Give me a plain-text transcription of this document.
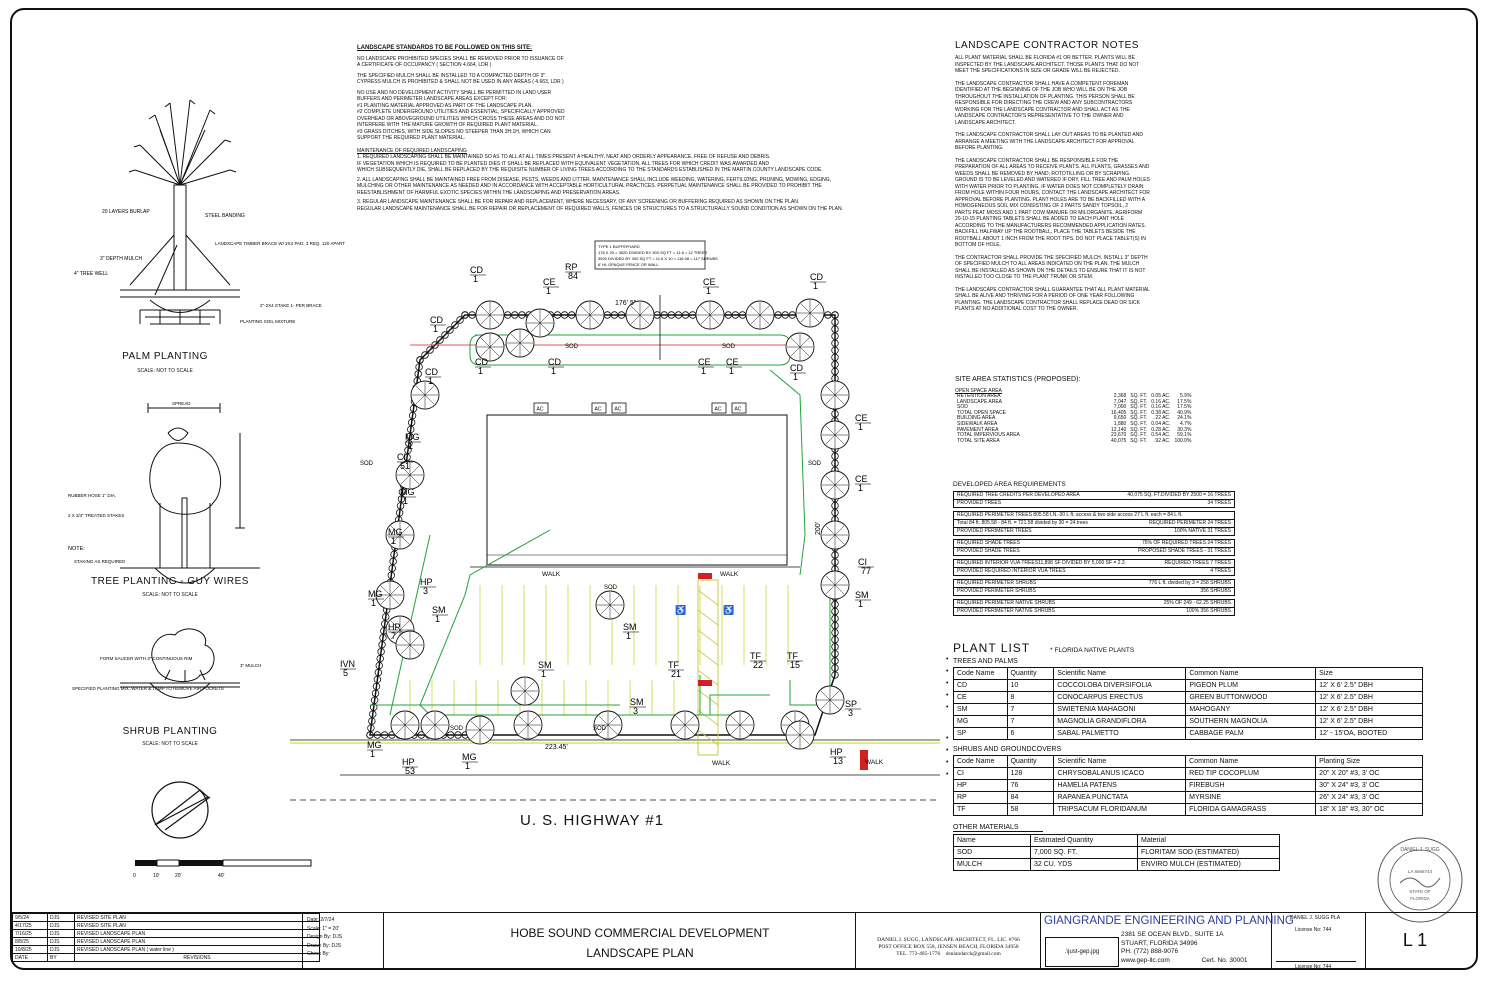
LANDSCAPE STANDARDS TO BE FOLLOWED ON THIS SITE:
NO LANDSCAPE PROHIBITED SPECIES SHALL BE REMOVED PRIOR TO ISSUANCE OF
A CERTIFICATE OF OCCUPANCY ( SECTION 4.664, LDR )
THE SPECIFIED MULCH SHALL BE INSTALLED TO A COMPACTED DEPTH OF 3".
CYPRESS MULCH IS PROHIBITED & SHALL NOT BE USED IN ANY AREAS ( 4.663, LDR )
NO USE AND NO DEVELOPMENT ACTIVITY SHALL BE PERMITTED IN LAND USER
BUFFERS AND PERIMETER LANDSCAPE AREAS EXCEPT FOR:
#1 PLANTING MATERIAL APPROVED AS PART OF THE LANDSCAPE PLAN.
#2 COMPLETE UNDERGROUND UTILITIES AND ESSENTIAL, SPECIFICALLY APPROVED
OVERHEAD OR ABOVEGROUND UTILITIES WHICH CROSS THESE AREAS AND DO NOT
INTERFERE WITH THE MATURE GROWTH OF REQUIRED PLANT MATERIAL.
#3 GRASS DITCHES, WITH SIDE SLOPES NO STEEPER THAN 3H:1H, WHICH CAN
SUPPORT THE REQUIRED PLANT MATERIAL.
MAINTENANCE OF REQUIRED LANDSCAPING
1. REQUIRED LANDSCAPING SHALL BE MAINTAINED SO AS TO ALL AT ALL TIMES PRESENT A HEALTHY, NEAT AND ORDERLY APPEARANCE, FREE OF REFUSE AND DEBRIS.
IF VEGETATION WHICH IS REQUIRED TO BE PLANTED DIES IT SHALL BE REPLACED WITH EQUIVALENT VEGETATION. ALL TREES FOR WHICH CREDIT WAS AWARDED AND
WHICH SUBSEQUENTLY DIE, SHALL BE REPLACED BY THE REQUISITE NUMBER OF LIVING TREES ACCORDING TO THE STANDARDS ESTABLISHED IN THE MARTIN COUNTY LANDSCAPE CODE.
2. ALL LANDSCAPING SHALL BE MAINTAINED FREE FROM DISEASE, PESTS, WEEDS AND LITTER. MAINTENANCE SHALL INCLUDE WEEDING, WATERING, FERTILIZING, PRUNING, MOWING, EDGING,
MULCHING OR OTHER MAINTENANCE AS NEEDED AND IN ACCORDANCE WITH ACCEPTABLE HORTICULTURAL PRACTICES. PERPETUAL MAINTENANCE SHALL BE PROVIDED TO PROHIBIT THE
REESTABLISHMENT OF HARMFUL EXOTIC SPECIES WITHIN THE LANDSCAPING AND PRESERVATION AREAS.
3. REGULAR LANDSCAPE MAINTENANCE SHALL BE FOR REPAIR AND REPLACEMENT, WHERE NECESSARY, OF ANY SCREENING OR BUFFERING REQUIRED AS SHOWN ON THE PLAN.
REGULAR LANDSCAPE MAINTENANCE SHALL BE FOR REPAIR OR REPLACEMENT OF REQUIRED WALLS, FENCES OR STRUCTURES TO A STRUCTURALLY SOUND CONDITION AS SHOWN ON THE PLAN.
20 LAYERS BURLAP
STEEL BANDING
LANDSCAPE TIMBER BRACE W/ 2X4 PAD, 3 REQ. 120 APART
3" DEPTH MULCH
4" TREE WELL
2"-2X4 STAKE 1- PER BRACE
PLANTING SOIL MIXTURE
SPREAD
RUBBER HOSE 1" DIA.
2 X 3/4" TREATED STAKES
NOTE:
STAKING AS REQUIRED
FORM SAUCER WITH 3" CONTINUOUS RIM
3" MULCH
SPECIFIED PLANTING MIX, WATER & TAMP TO REMOVE AIR POCKETS
0	10'	20'	40'
PALM PLANTING
SCALE: NOT TO SCALE
TREE PLANTING - GUY WIRES
SCALE: NOT TO SCALE
SHRUB PLANTING
SCALE: NOT TO SCALE
♿	♿
AC	AC	AC	AC	AC
176' 5"
223.45'
200'
WALK	WALK
WALK	WALK
SOD	SOD
SOD
SOD
SOD
SOD
SOD
TYPE 1 BUFFERYARD
176 X 20 = 3520 DIVIDED BY 300 SQ FT = 11.6 = 12 TREES
3520 DIVIDED BY 300 SQ FT = 11.6 X 10 = 116.08 = 117 SHRUBS
6' HL OPAQUE FENCE OR WALL
CD
1
RP
84
CE
1
CE
1
CD
1
CD
1
CD
1
CD
1
CE
1
CE
1	CD
1
CD
1
MG
1
CI
51
MG
1
MG
1
MG
1
HP
3
SM
1
SM
1
HP
7
IVN
5
SM
1
TF
21
TF
22
TF
15
SM
3
SP
3
MG
1
HP
53
MG
1
HP
13
CE
1
CE
1
CI
77
SM
1
U. S. HIGHWAY #1
LANDSCAPE CONTRACTOR NOTES
ALL PLANT MATERIAL SHALL BE FLORIDA #1 OR BETTER. PLANTS WILL BE
INSPECTED BY THE LANDSCAPE ARCHITECT. THOSE PLANTS THAT DO NOT
MEET THE SPECIFICATIONS IN SIZE OR GRADE WILL BE REJECTED.
THE LANDSCAPE CONTRACTOR SHALL HAVE A COMPETENT FOREMAN
IDENTIFIED AT THE BEGINNING OF THE JOB WHO WILL BE ON THE JOB
THROUGHOUT THE INSTALLATION OF PLANTING. THIS PERSON SHALL BE
RESPONSIBLE FOR DIRECTING THE CREW AND ANY SUBCONTRACTORS
WORKING FOR THE LANDSCAPE CONTRACTOR AND SHALL ACT AS THE
LANDSCAPE CONTRACTOR'S REPRESENTATIVE TO THE OWNER AND
LANDSCAPE ARCHITECT.
THE LANDSCAPE CONTRACTOR SHALL LAY OUT AREAS TO BE PLANTED AND
ARRANGE A MEETING WITH THE LANDSCAPE ARCHITECT FOR APPROVAL
BEFORE PLANTING.
THE LANDSCAPE CONTRACTOR SHALL BE RESPONSIBLE FOR THE
PREPARATION OF ALL AREAS TO RECEIVE PLANTS. ALL PLANTS, GRASSES AND
WEEDS SHALL BE REMOVED BY HAND, ROTOTILLING OR BY SCRAPING.
GROUND IS TO BE LEVELED AND WATERED IF DRY. FILL TREE AND PALM HOLES
WITH WATER PRIOR TO PLANTING. IF WATER DOES NOT COMPLETELY DRAIN
FROM HOLE WITHIN FOUR HOURS, CONTACT THE LANDSCAPE ARCHITECT FOR
APPROVAL BEFORE PLANTING. PLANT HOLES ARE TO BE BACKFILLED WITH A
HOMOGENEOUS SOIL MIX CONSISTING OF 2 PARTS SANDY TOPSOIL, 2
PARTS PEAT MOSS AND 1 PART COW MANURE OR MILORGANITE. AGRIFORM
20-10-15 PLANTING TABLETS SHALL BE ADDED TO EACH PLANT HOLE
ACCORDING TO THE MANUFACTURERS RECOMMENDED APPLICATION RATES.
BACKFILL HALFWAY UP THE ROOTBALL, PLACE THE TABLETS BESIDE THE
ROOTBALL ABOUT 1 INCH FROM THE ROOT TIPS. DO NOT PLACE TABLET(S) IN
BOTTOM OF HOLE.
THE CONTRACTOR SHALL PROVIDE THE SPECIFIED MULCH. INSTALL 3" DEPTH
OF SPECIFIED MULCH TO ALL AREAS INDICATED ON THE PLAN. THE MULCH
SHALL BE INSTALLED AS SHOWN ON THE DETAILS TO ENSURE THAT IT IS NOT
INSTALLED TOO CLOSE TO THE PLANT TRUNK OR STEM.
THE LANDSCAPE CONTRACTOR SHALL GUARANTEE THAT ALL PLANT MATERIAL
SHALL BE ALIVE AND THRIVING FOR A PERIOD OF ONE YEAR FOLLOWING
PLANTING. THE LANDSCAPE CONTRACTOR SHALL REPLACE DEAD OR SICK
PLANTS AT NO ADDITIONAL COST TO THE OWNER.
SITE AREA STATISTICS (PROPOSED):
OPEN SPACE AREA
RETENTION AREA	2,368	SQ. FT.	0.05 AC.	5.9%
LANDSCAPE AREA	7,047	SQ. FT.	0.16 AC.	17.5%
SOD	7,000	SQ. FT.	0.16 AC.	17.5%
TOTAL OPEN SPACE	16,405	SQ. FT.	0.38 AC.	40.9%

BUILDING AREA	9,650	SQ. FT.	.22 AC.	24.1%
SIDEWALK AREA	1,880	SQ. FT.	0.04 AC.	4.7%
PAVEMENT AREA	12,140	SQ. FT.	0.28 AC.	30.3%
TOTAL IMPERVIOUS AREA	23,670	SQ. FT.	0.54 AC.	59.1%

TOTAL SITE AREA	40,075	SQ. FT.	.92 AC.	100.0%
DEVELOPED AREA REQUIREMENTS
REQUIRED TREE CREDITS PER DEVELOPED AREA	40,075 SQ. FT.DIVIDED BY 2500 = 16 TREES
PROVIDED TREES	34 TREES
REQUIRED PERIMETER TREES 805.58 LN.-30 L ft. access & two side access 27 L ft. each = 84 L ft.
Total 84 ft. 805.58 - 84 ft. = 721.58 divided by 30 = 24 trees	REQUIRED PERIMETER 24 TREES
PROVIDED PERIMETER TREES	100% NATIVE 31 TREES
REQUIRED SHADE TREES	75% OF REQUIRED TREES 24 TREES
PROVIDED SHADE TREES	PROPOSED SHADE TREES - 31 TREES
REQUIRED INTERIOR VUA TREES11,898 SF DIVIDED BY 5,000 SF = 2.3	REQUIRED TREES 7 TREES
PROVIDED REQUIRED INTERIOR VUA TREES	4 TREES
REQUIRED PERIMETER SHRUBS	776 L ft. divided by 3 = 258 SHRUBS
PROVIDED PERIMETER SHRUBS	356 SHRUBS
REQUIRED PERIMETER NATIVE SHRUBS	25% OF 249 - 62.25 SHRUBS
PROVIDED PERIMETER NATIVE SHRUBS	100% 356 SHRUBS
PLANT LIST	* FLORIDA NATIVE PLANTS
TREES AND PALMS
Code Name	Quantity	Scientific Name	Common Name	Size
CD	10	COCCOLOBA DIVERSIFOLIA	PIGEON PLUM	12' X 6' 2.5" DBH
CE	8	CONOCARPUS ERECTUS	GREEN BUTTONWOOD	12' X 6' 2.5" DBH
SM	7	SWIETENIA MAHAGONI	MAHOGANY	12' X 6' 2.5" DBH
MG	7	MAGNOLIA GRANDIFLORA	SOUTHERN MAGNOLIA	12' X 6' 2.5" DBH
SP	6	SABAL PALMETTO	CABBAGE PALM	12' - 15'OA, BOOTED
SHRUBS AND GROUNDCOVERS
Code Name	Quantity	Scientific Name	Common Name	Planting Size
CI	128	CHRYSOBALANUS ICACO	RED TIP COCOPLUM	20" X 20" #3, 3' OC
HP	76	HAMELIA PATENS	FIREBUSH	30" X 24" #3, 3' OC
RP	84	RAPANEA PUNCTATA	MYRSINE	26" X 24" #3, 3' OC
TF	58	TRIPSACUM FLORIDANUM	FLORIDA GAMAGRASS	18" X 18" #3, 30" OC
OTHER MATERIALS
Name	Estimated Quantity	Material
SOD	7,000 SQ. FT.	FLORITAM SOD (ESTIMATED)
MULCH	32 CU. YDS	ENVIRO MULCH (ESTIMATED)
•
•
•
•
•
•
•
•
•
DANIEL J. SUGG
LA 6666744
STATE OF
FLORIDA
9/5/24	DJS	REVISED SITE PLAN
4/17/25	DJS	REVISED SITE PLAN
7/16/25	DJS	REVISED LANDSCAPE PLAN
8/8/25	DJS	REVISED LANDSCAPE PLAN
10/8/25	DJS	REVISED LANDSCAPE PLAN ( water line )
DATE	BY	REVISIONS
Date: 2/7/24
Scale: 1" = 20'
Design By: DJS
Drawn By: DJS
Check By:
HOBE SOUND COMMERCIAL DEVELOPMENT
LANDSCAPE PLAN
DANIEL J. SUGG, LANDSCAPE ARCHITECT, FL. LIC. #766
POST OFFICE BOX 558, JENSEN BEACH, FLORIDA 34958
TEL. 772-485-1776 dsnlandarch@gmail.com
GIANGRANDE ENGINEERING AND PLANNING
.\just-gep.jpg
2381 SE OCEAN BLVD., SUITE 1A
STUART, FLORIDA 34996
PH. (772) 888-9076
www.gep-llc.com	Cert. No. 30001
DANIEL J. SUGG PLA
License No: 744
License No: 744
L 1
